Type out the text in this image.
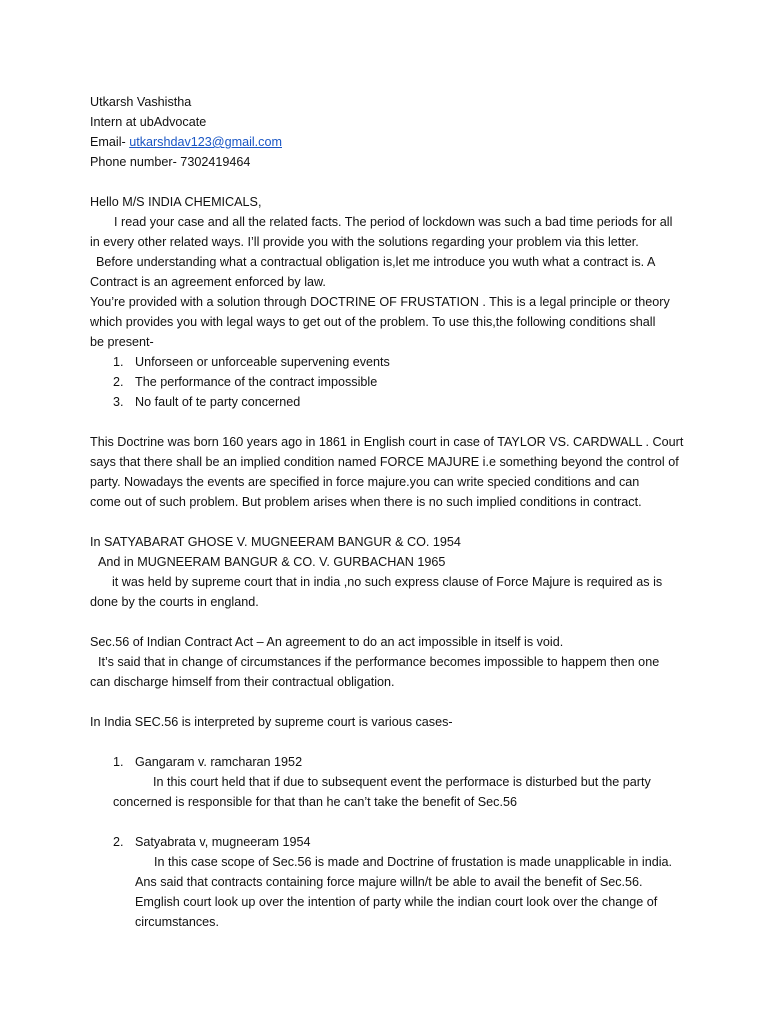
Utkarsh Vashistha
Intern at ubAdvocate
Email- utkarshdav123@gmail.com
Phone number- 7302419464
Hello M/S INDIA CHEMICALS,
I read your case and all the related facts. The period of lockdown was such a bad time periods for all
in every other related ways. I’ll provide you with the solutions regarding your problem via this letter.
Before understanding what a contractual obligation is,let me introduce you wuth what a contract is. A
Contract is an agreement enforced by law.
You’re provided with a solution through DOCTRINE OF FRUSTATION . This is a legal principle or theory
which provides you with legal ways to get out of the problem. To use this,the following conditions shall
be present-
1. Unforseen or unforceable supervening events
2. The performance of the contract impossible
3. No fault of te party concerned
This Doctrine was born 160 years ago in 1861 in English court in case of TAYLOR VS. CARDWALL . Court
says that there shall be an implied condition named FORCE MAJURE i.e something beyond the control of
party. Nowadays the events are specified in force majure.you can write specied conditions and can
come out of such problem. But problem arises when there is no such implied conditions in contract.
In SATYABARAT GHOSE V. MUGNEERAM BANGUR & CO. 1954
And in MUGNEERAM BANGUR & CO. V. GURBACHAN 1965
it was held by supreme court that in india ,no such express clause of Force Majure is required as is
done by the courts in england.
Sec.56 of Indian Contract Act – An agreement to do an act impossible in itself is void.
It’s said that in change of circumstances if the performance becomes impossible to happem then one
can discharge himself from their contractual obligation.
In India SEC.56 is interpreted by supreme court is various cases-
1. Gangaram v. ramcharan 1952
In this court held that if due to subsequent event the performace is disturbed but the party
concerned is responsible for that than he can’t take the benefit of Sec.56
2. Satyabrata v, mugneeram 1954
In this case scope of Sec.56 is made and Doctrine of frustation is made unapplicable in india.
Ans said that contracts containing force majure willn/t be able to avail the benefit of Sec.56.
Emglish court look up over the intention of party while the indian court look over the change of
circumstances.
